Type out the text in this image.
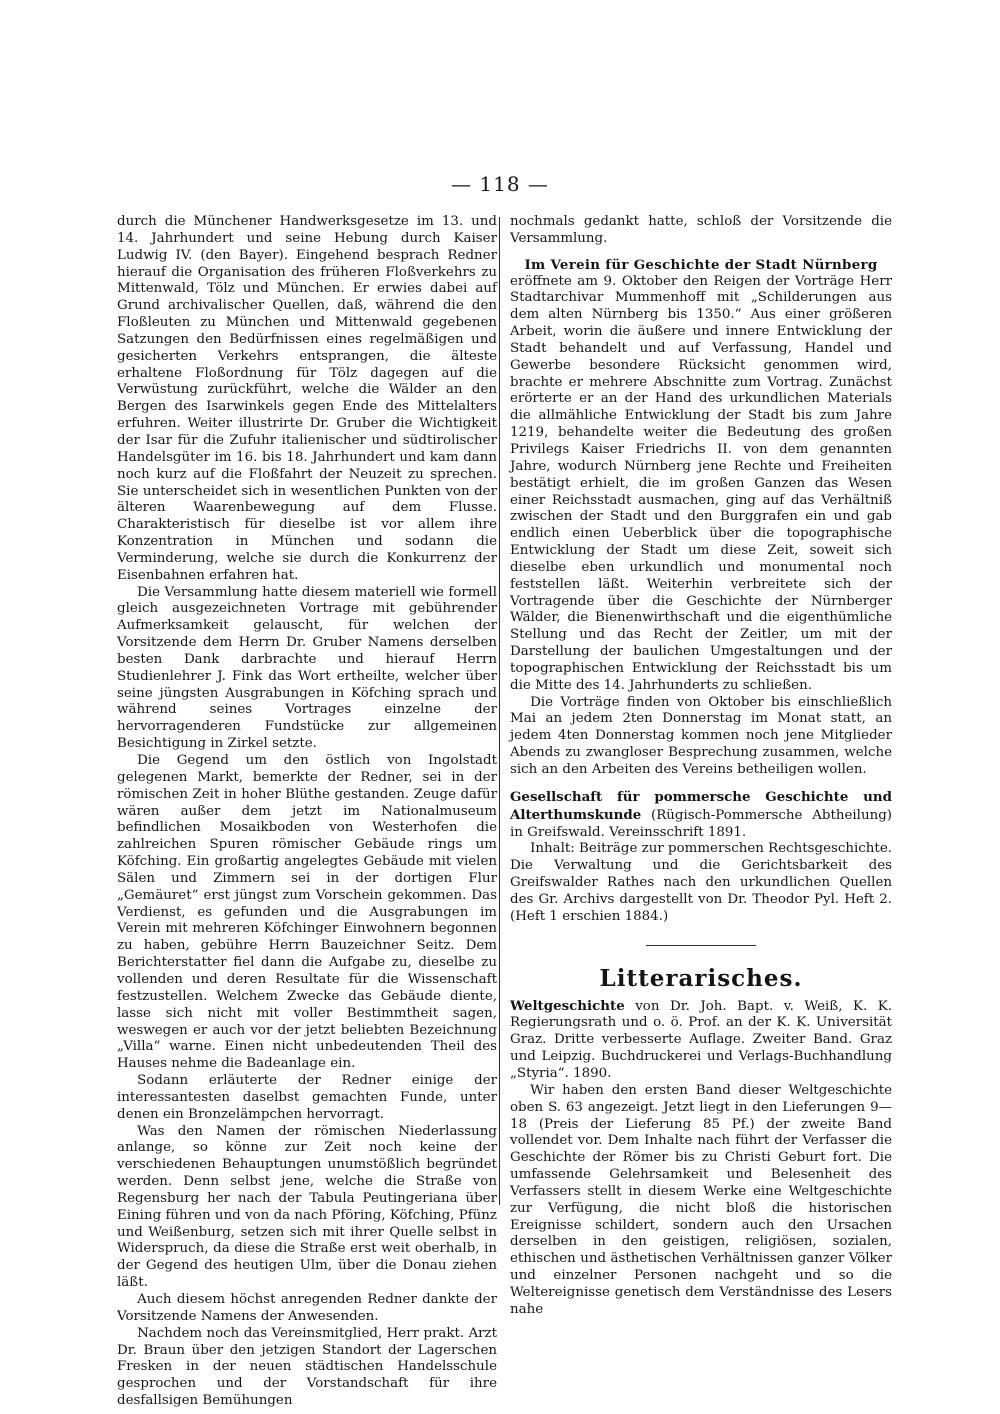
— 118 —

durch die Münchener Handwerksgesetze im 13. und 14. Jahrhundert und seine Hebung durch Kaiser Ludwig IV. (den Bayer). Eingehend besprach Redner hierauf die Organisation des früheren Floßverkehrs zu Mittenwald, Tölz und München. Er erwies dabei auf Grund archivalischer Quellen, daß, während die den Floßleuten zu München und Mittenwald gegebenen Satzungen den Bedürfnissen eines regelmäßigen und gesicherten Verkehrs entsprangen, die älteste erhaltene Floßordnung für Tölz dagegen auf die Verwüstung zurückführt, welche die Wälder an den Bergen des Isarwinkels gegen Ende des Mittelalters erfuhren. Weiter illustrirte Dr. Gruber die Wichtigkeit der Isar für die Zufuhr italienischer und südtirolischer Handelsgüter im 16. bis 18. Jahrhundert und kam dann noch kurz auf die Floßfahrt der Neuzeit zu sprechen. Sie unterscheidet sich in wesentlichen Punkten von der älteren Waarenbewegung auf dem Flusse. Charakteristisch für dieselbe ist vor allem ihre Konzentration in München und sodann die Verminderung, welche sie durch die Konkurrenz der Eisenbahnen erfahren hat.

Die Versammlung hatte diesem materiell wie formell gleich ausgezeichneten Vortrage mit gebührender Aufmerksamkeit gelauscht, für welchen der Vorsitzende dem Herrn Dr. Gruber Namens derselben besten Dank darbrachte und hierauf Herrn Studienlehrer J. Fink das Wort ertheilte, welcher über seine jüngsten Ausgrabungen in Köfching sprach und während seines Vortrages einzelne der hervorragenderen Fundstücke zur allgemeinen Besichtigung in Zirkel setzte.

Die Gegend um den östlich von Ingolstadt gelegenen Markt, bemerkte der Redner, sei in der römischen Zeit in hoher Blüthe gestanden. Zeuge dafür wären außer dem jetzt im Nationalmuseum befindlichen Mosaikboden von Westerhofen die zahlreichen Spuren römischer Gebäude rings um Köfching. Ein großartig angelegtes Gebäude mit vielen Sälen und Zimmern sei in der dortigen Flur „Gemäuret“ erst jüngst zum Vorschein gekommen. Das Verdienst, es gefunden und die Ausgrabungen im Verein mit mehreren Köfchinger Einwohnern begonnen zu haben, gebühre Herrn Bauzeichner Seitz. Dem Berichterstatter fiel dann die Aufgabe zu, dieselbe zu vollenden und deren Resultate für die Wissenschaft festzustellen. Welchem Zwecke das Gebäude diente, lasse sich nicht mit voller Bestimmtheit sagen, weswegen er auch vor der jetzt beliebten Bezeichnung „Villa“ warne. Einen nicht unbedeutenden Theil des Hauses nehme die Badeanlage ein.

Sodann erläuterte der Redner einige der interessantesten daselbst gemachten Funde, unter denen ein Bronzelämpchen hervorragt.

Was den Namen der römischen Niederlassung anlange, so könne zur Zeit noch keine der verschiedenen Behauptungen unumstößlich begründet werden. Denn selbst jene, welche die Straße von Regensburg her nach der Tabula Peutingeriana über Eining führen und von da nach Pföring, Köfching, Pfünz und Weißenburg, setzen sich mit ihrer Quelle selbst in Widerspruch, da diese die Straße erst weit oberhalb, in der Gegend des heutigen Ulm, über die Donau ziehen läßt.

Auch diesem höchst anregenden Redner dankte der Vorsitzende Namens der Anwesenden.

Nachdem noch das Vereinsmitglied, Herr prakt. Arzt Dr. Braun über den jetzigen Standort der Lagerschen Fresken in der neuen städtischen Handelsschule gesprochen und der Vorstandschaft für ihre desfallsigen Bemühungen

nochmals gedankt hatte, schloß der Vorsitzende die Versammlung.

Im Verein für Geschichte der Stadt Nürnberg

eröffnete am 9. Oktober den Reigen der Vorträge Herr Stadtarchivar Mummenhoff mit „Schilderungen aus dem alten Nürnberg bis 1350.“ Aus einer größeren Arbeit, worin die äußere und innere Entwicklung der Stadt behandelt und auf Verfassung, Handel und Gewerbe besondere Rücksicht genommen wird, brachte er mehrere Abschnitte zum Vortrag. Zunächst erörterte er an der Hand des urkundlichen Materials die allmähliche Entwicklung der Stadt bis zum Jahre 1219, behandelte weiter die Bedeutung des großen Privilegs Kaiser Friedrichs II. von dem genannten Jahre, wodurch Nürnberg jene Rechte und Freiheiten bestätigt erhielt, die im großen Ganzen das Wesen einer Reichsstadt ausmachen, ging auf das Verhältniß zwischen der Stadt und den Burggrafen ein und gab endlich einen Ueberblick über die topographische Entwicklung der Stadt um diese Zeit, soweit sich dieselbe eben urkundlich und monumental noch feststellen läßt. Weiterhin verbreitete sich der Vortragende über die Geschichte der Nürnberger Wälder, die Bienenwirthschaft und die eigenthümliche Stellung und das Recht der Zeitler, um mit der Darstellung der baulichen Umgestaltungen und der topographischen Entwicklung der Reichsstadt bis um die Mitte des 14. Jahrhunderts zu schließen.

Die Vorträge finden von Oktober bis einschließlich Mai an jedem 2ten Donnerstag im Monat statt, an jedem 4ten Donnerstag kommen noch jene Mitglieder Abends zu zwangloser Besprechung zusammen, welche sich an den Arbeiten des Vereins betheiligen wollen.

Gesellschaft für pommersche Geschichte und Alterthumskunde (Rügisch-Pommersche Abtheilung) in Greifswald. Vereinsschrift 1891.

Inhalt: Beiträge zur pommerschen Rechtsgeschichte. Die Verwaltung und die Gerichtsbarkeit des Greifswalder Rathes nach den urkundlichen Quellen des Gr. Archivs dargestellt von Dr. Theodor Pyl. Heft 2. (Heft 1 erschien 1884.)

Litterarisches.

Weltgeschichte von Dr. Joh. Bapt. v. Weiß, K. K. Regierungsrath und o. ö. Prof. an der K. K. Universität Graz. Dritte verbesserte Auflage. Zweiter Band. Graz und Leipzig. Buchdruckerei und Verlags-Buchhandlung „Styria“. 1890.

Wir haben den ersten Band dieser Weltgeschichte oben S. 63 angezeigt. Jetzt liegt in den Lieferungen 9—18 (Preis der Lieferung 85 Pf.) der zweite Band vollendet vor. Dem Inhalte nach führt der Verfasser die Geschichte der Römer bis zu Christi Geburt fort. Die umfassende Gelehrsamkeit und Belesenheit des Verfassers stellt in diesem Werke eine Weltgeschichte zur Verfügung, die nicht bloß die historischen Ereignisse schildert, sondern auch den Ursachen derselben in den geistigen, religiösen, sozialen, ethischen und ästhetischen Verhältnissen ganzer Völker und einzelner Personen nachgeht und so die Weltereignisse genetisch dem Verständnisse des Lesers nahe
